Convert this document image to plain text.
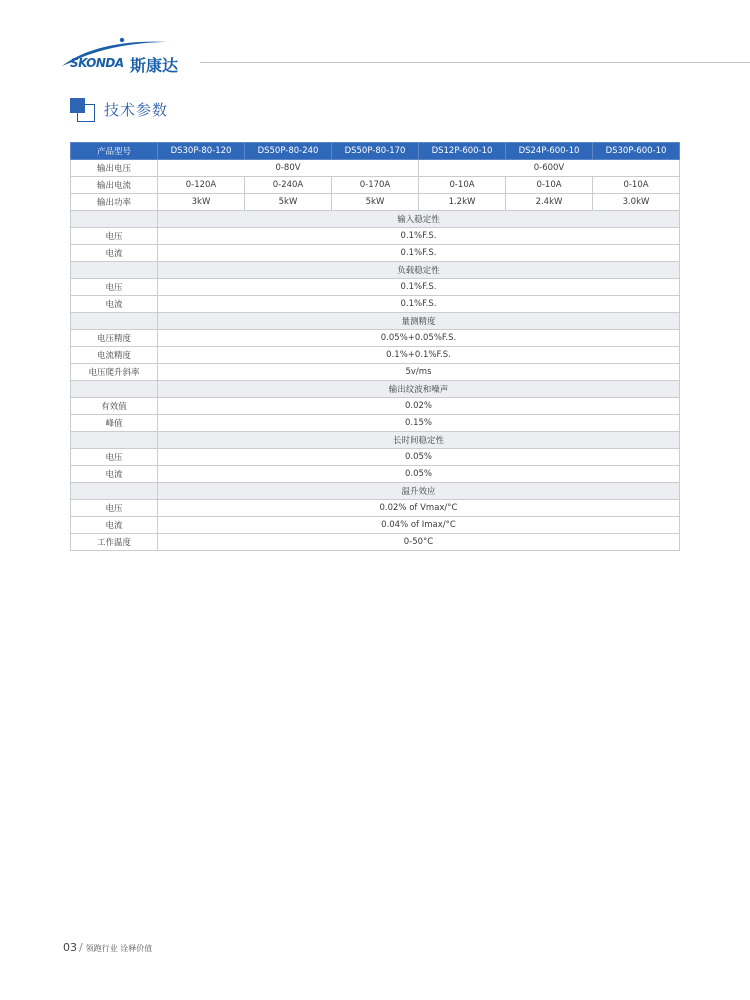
SKONDA 斯康达
技术参数
产品型号	DS30P-80-120	DS50P-80-240	DS50P-80-170	DS12P-600-10	DS24P-600-10	DS30P-600-10
输出电压	0-80V			0-600V		
输出电流	0-120A	0-240A	0-170A	0-10A	0-10A	0-10A
输出功率	3kW	5kW	5kW	1.2kW	2.4kW	3.0kW
	输入稳定性					
电压	0.1%F.S.					
电流	0.1%F.S.					
	负载稳定性					
电压	0.1%F.S.					
电流	0.1%F.S.					
	量测精度					
电压精度	0.05%+0.05%F.S.					
电流精度	0.1%+0.1%F.S.					
电压爬升斜率	5v/ms					
	输出纹波和噪声					
有效值	0.02%					
峰值	0.15%					
	长时间稳定性					
电压	0.05%					
电流	0.05%					
	温升效应					
电压	0.02% of Vmax/°C					
电流	0.04% of Imax/°C					
工作温度	0-50°C					
03 / 领跑行业 诠释价值
